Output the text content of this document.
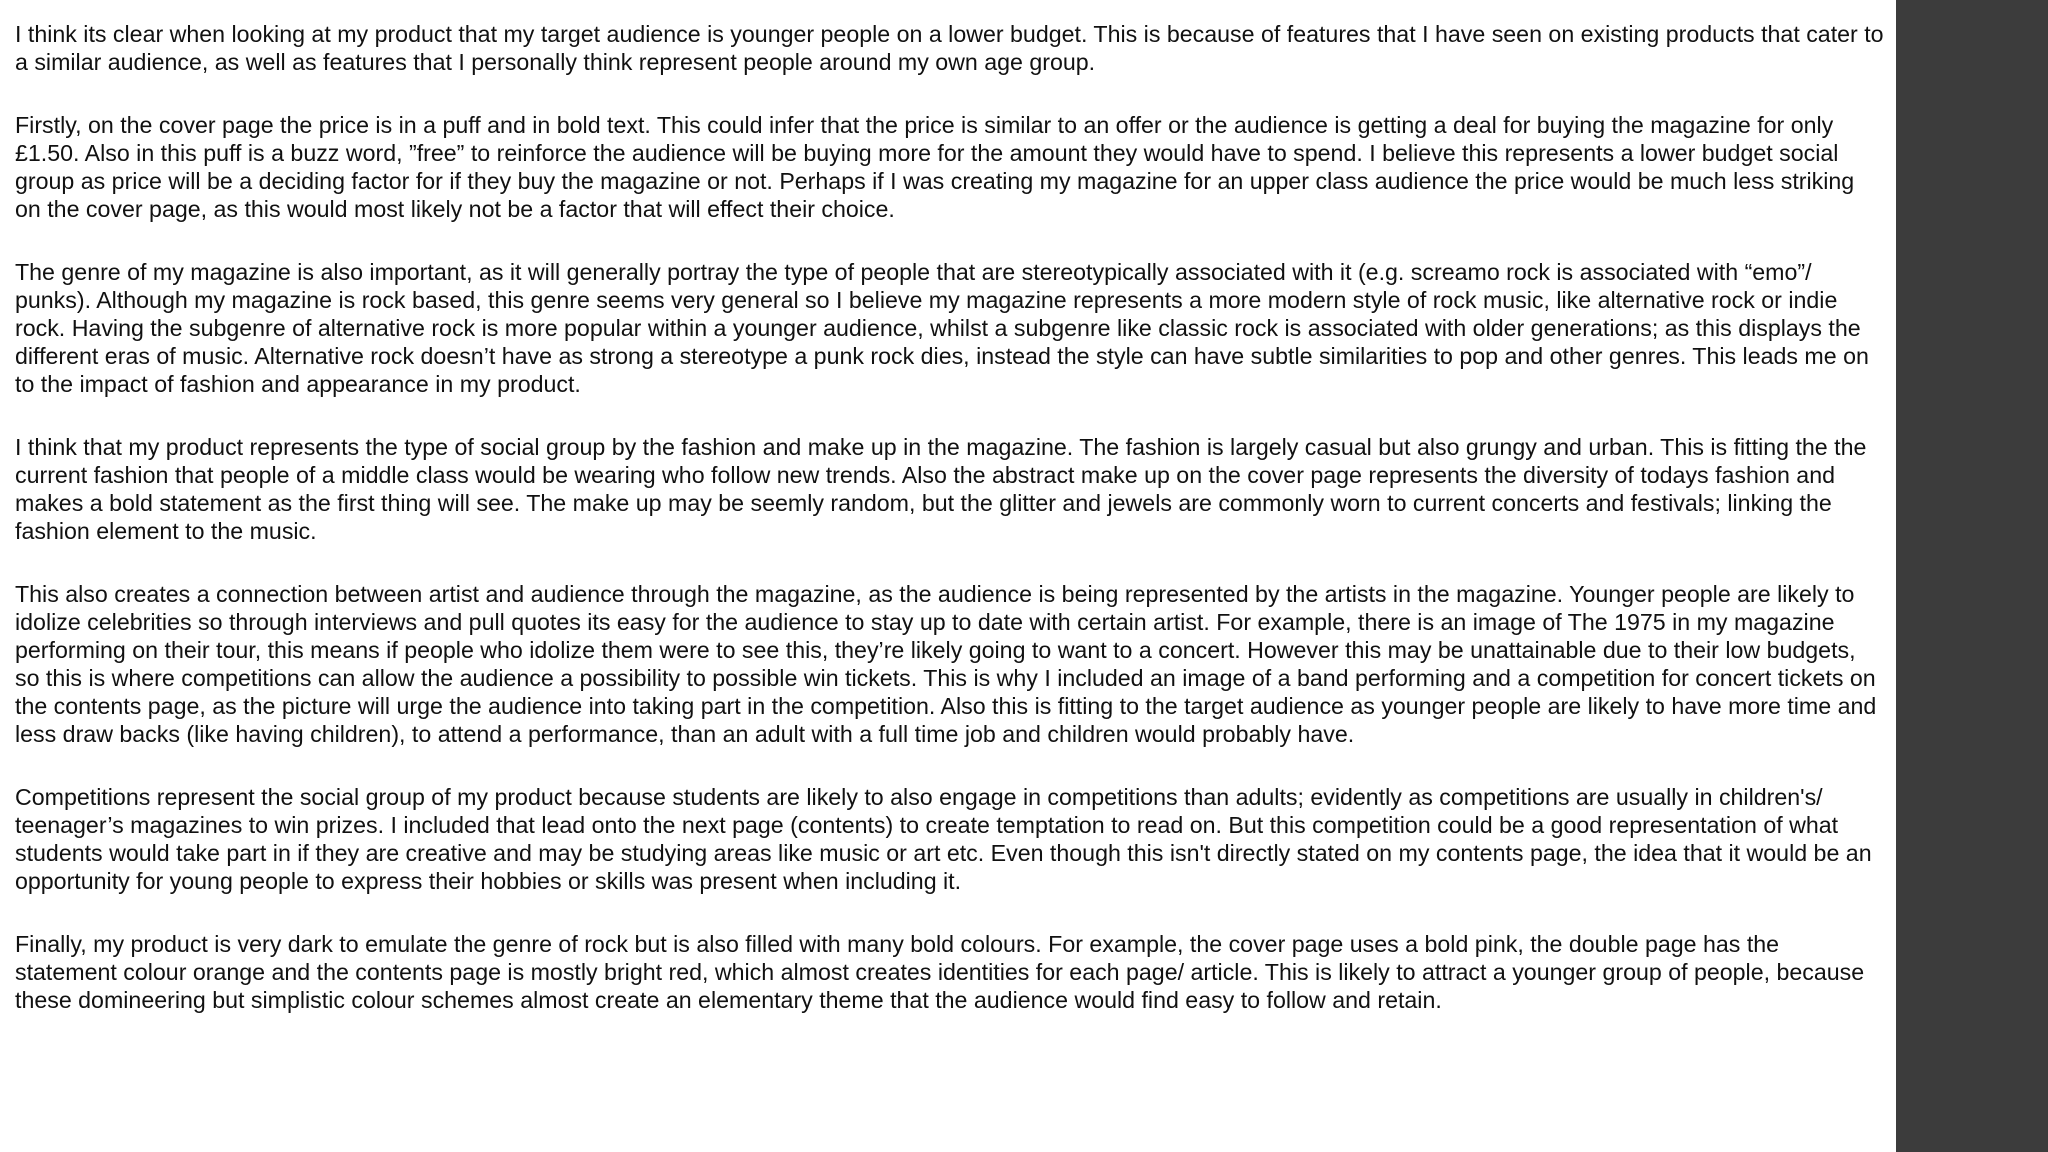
I think its clear when looking at my product that my target audience is younger people on a lower budget. This is because of features that I have seen on existing products that cater to a similar audience, as well as features that I personally think represent people around my own age group.

Firstly, on the cover page the price is in a puff and in bold text. This could infer that the price is similar to an offer or the audience is getting a deal for buying the magazine for only £1.50. Also in this puff is a buzz word, ”free” to reinforce the audience will be buying more for the amount they would have to spend. I believe this represents a lower budget social group as price will be a deciding factor for if they buy the magazine or not. Perhaps if I was creating my magazine for an upper class audience the price would be much less striking on the cover page, as this would most likely not be a factor that will effect their choice.

The genre of my magazine is also important, as it will generally portray the type of people that are stereotypically associated with it (e.g. screamo rock is associated with “emo”/ punks). Although my magazine is rock based, this genre seems very general so I believe my magazine represents a more modern style of rock music, like alternative rock or indie rock. Having the subgenre of alternative rock is more popular within a younger audience, whilst a subgenre like classic rock is associated with older generations; as this displays the different eras of music. Alternative rock doesn’t have as strong a stereotype a punk rock dies, instead the style can have subtle similarities to pop and other genres. This leads me on to the impact of fashion and appearance in my product.

I think that my product represents the type of social group by the fashion and make up in the magazine. The fashion is largely casual but also grungy and urban. This is fitting the the current fashion that people of a middle class would be wearing who follow new trends. Also the abstract make up on the cover page represents the diversity of todays fashion and makes a bold statement as the first thing will see. The make up may be seemly random, but the glitter and jewels are commonly worn to current concerts and festivals; linking the fashion element to the music.

This also creates a connection between artist and audience through the magazine, as the audience is being represented by the artists in the magazine. Younger people are likely to idolize celebrities so through interviews and pull quotes its easy for the audience to stay up to date with certain artist. For example, there is an image of The 1975 in my magazine performing on their tour, this means if people who idolize them were to see this, they’re likely going to want to a concert. However this may be unattainable due to their low budgets, so this is where competitions can allow the audience a possibility to possible win tickets. This is why I included an image of a band performing and a competition for concert tickets on the contents page, as the picture will urge the audience into taking part in the competition. Also this is fitting to the target audience as younger people are likely to have more time and less draw backs (like having children), to attend a performance, than an adult with a full time job and children would probably have.

Competitions represent the social group of my product because students are likely to also engage in competitions than adults; evidently as competitions are usually in children's/ teenager’s magazines to win prizes. I included that lead onto the next page (contents) to create temptation to read on. But this competition could be a good representation of what students would take part in if they are creative and may be studying areas like music or art etc. Even though this isn't directly stated on my contents page, the idea that it would be an opportunity for young people to express their hobbies or skills was present when including it.

Finally, my product is very dark to emulate the genre of rock but is also filled with many bold colours. For example, the cover page uses a bold pink, the double page has the statement colour orange and the contents page is mostly bright red, which almost creates identities for each page/ article. This is likely to attract a younger group of people, because these domineering but simplistic colour schemes almost create an elementary theme that the audience would find easy to follow and retain.
